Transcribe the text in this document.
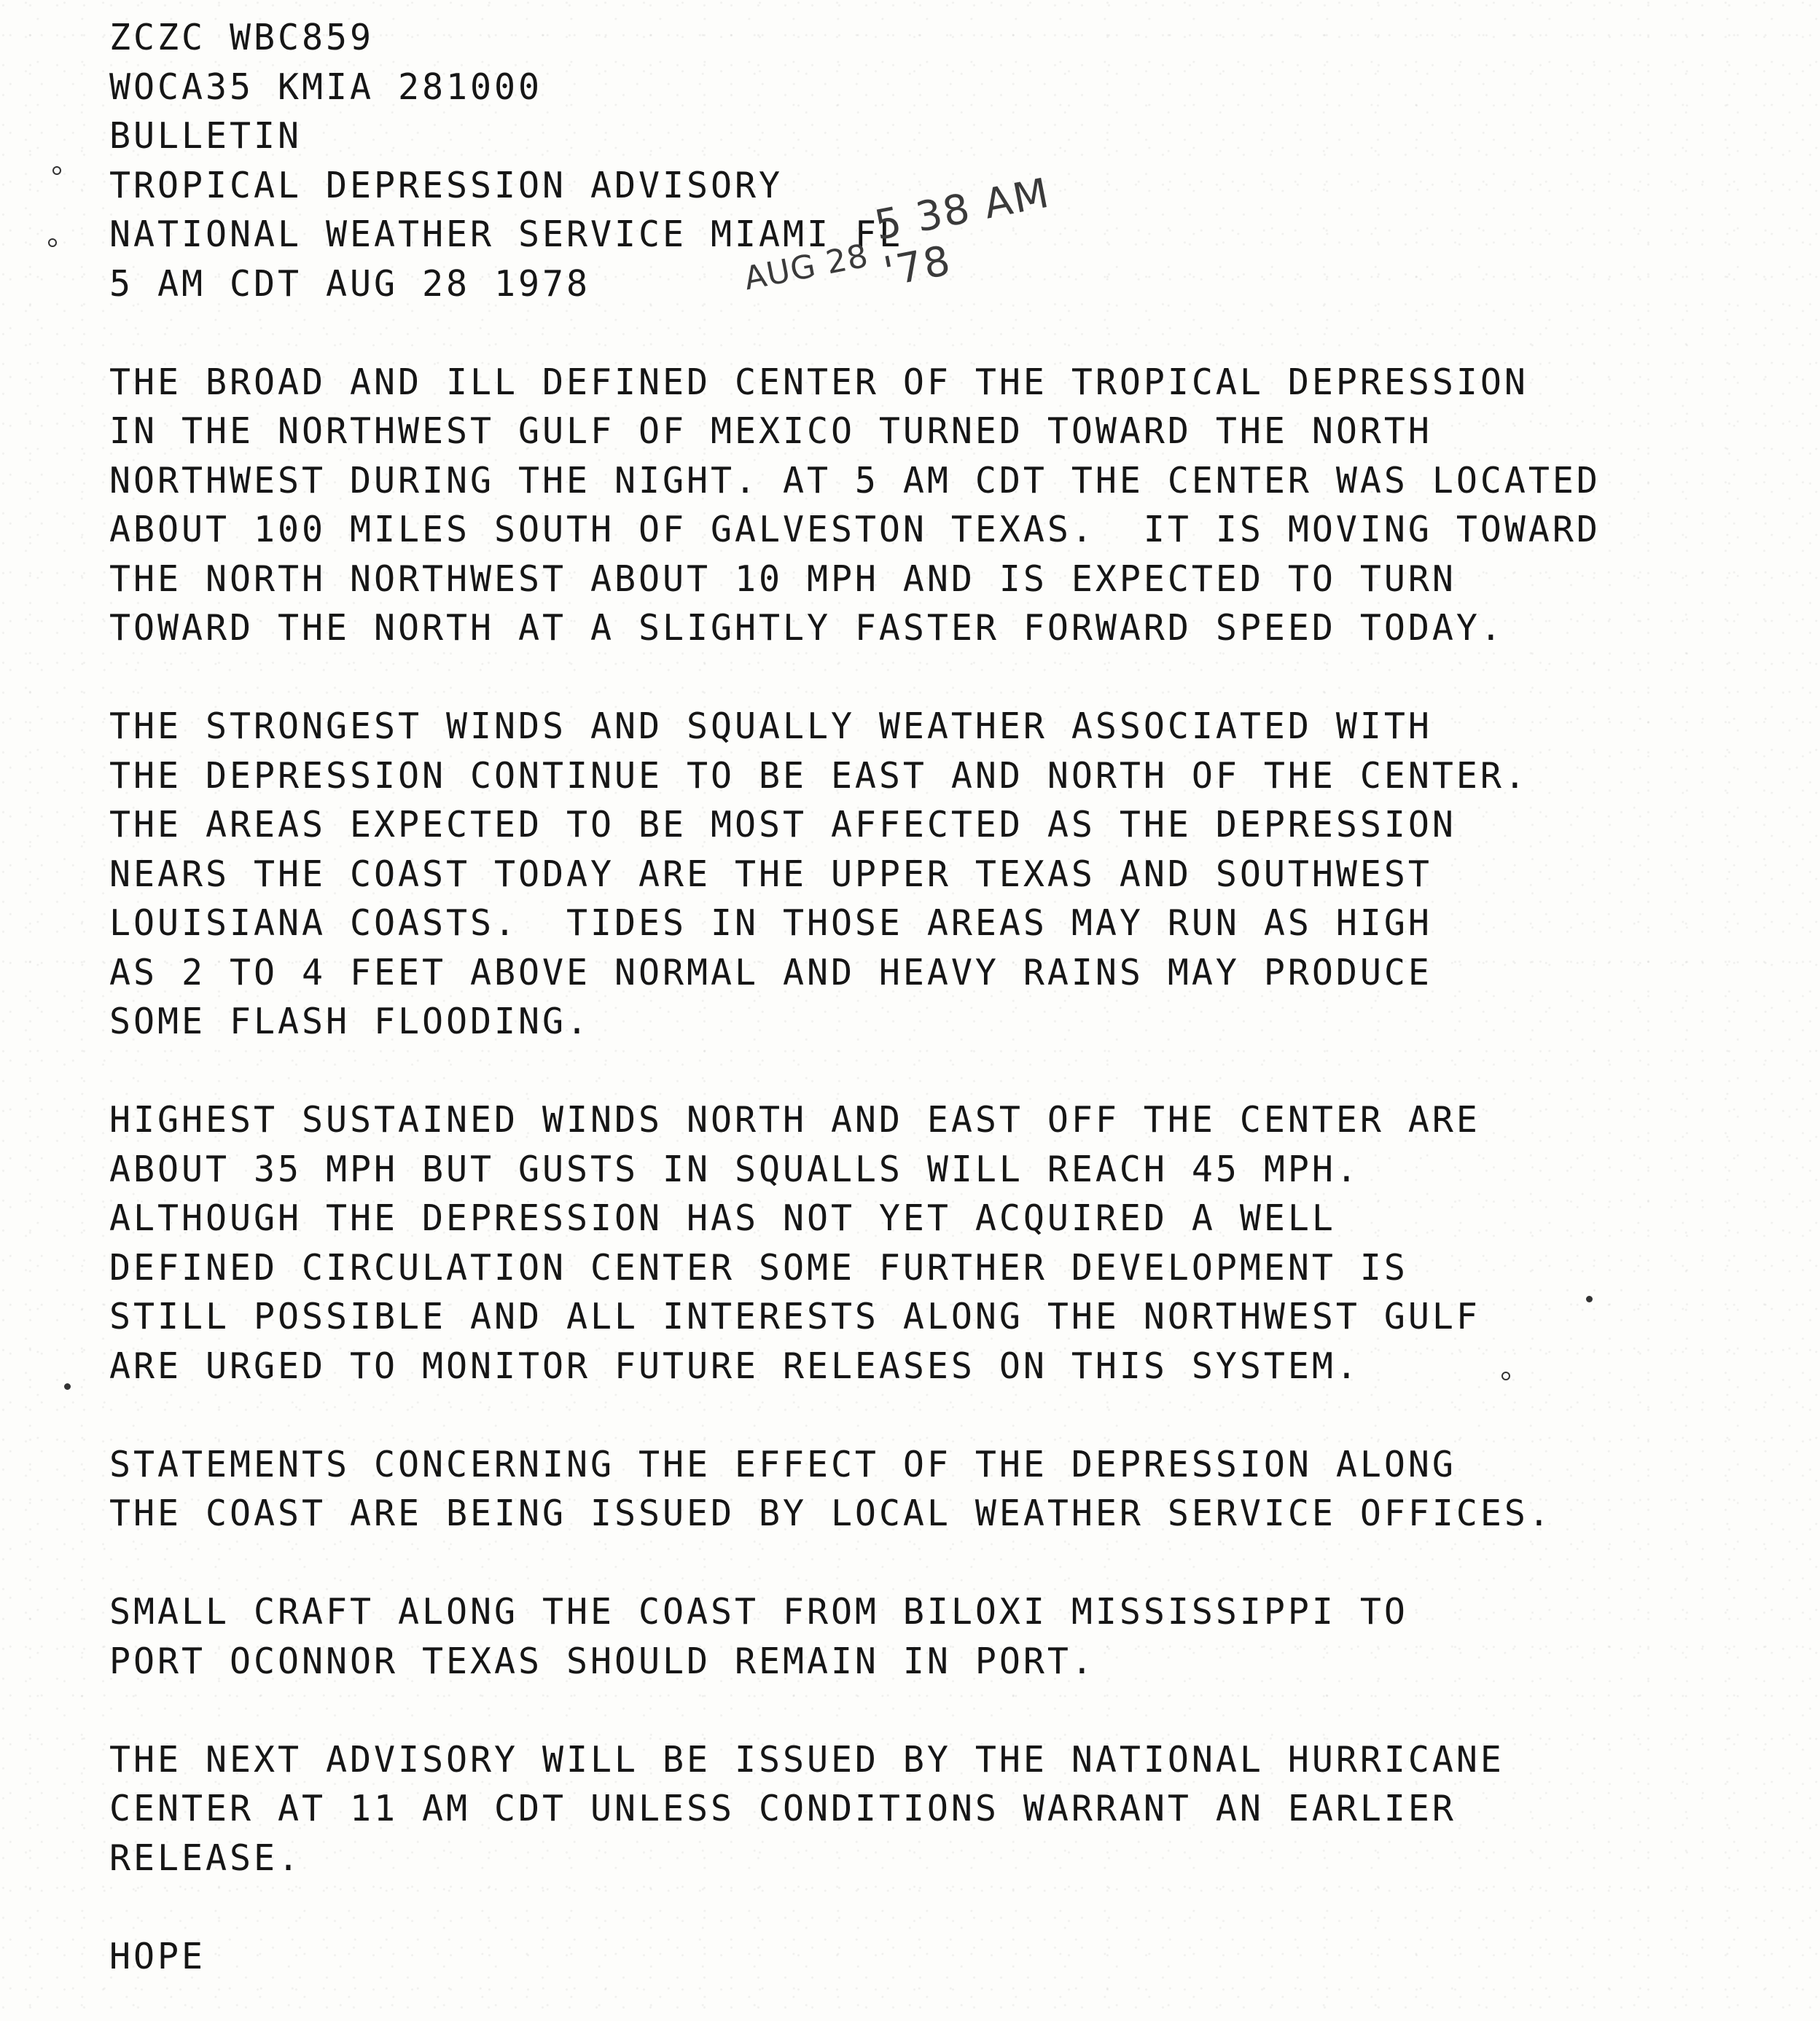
ZCZC WBC859
WOCA35 KMIA 281000
BULLETIN
TROPICAL DEPRESSION ADVISORY
NATIONAL WEATHER SERVICE MIAMI FL
5 AM CDT AUG 28 1978
THE BROAD AND ILL DEFINED CENTER OF THE TROPICAL DEPRESSION
IN THE NORTHWEST GULF OF MEXICO TURNED TOWARD THE NORTH
NORTHWEST DURING THE NIGHT. AT 5 AM CDT THE CENTER WAS LOCATED
ABOUT 100 MILES SOUTH OF GALVESTON TEXAS.  IT IS MOVING TOWARD
THE NORTH NORTHWEST ABOUT 10 MPH AND IS EXPECTED TO TURN
TOWARD THE NORTH AT A SLIGHTLY FASTER FORWARD SPEED TODAY.
THE STRONGEST WINDS AND SQUALLY WEATHER ASSOCIATED WITH
THE DEPRESSION CONTINUE TO BE EAST AND NORTH OF THE CENTER.
THE AREAS EXPECTED TO BE MOST AFFECTED AS THE DEPRESSION
NEARS THE COAST TODAY ARE THE UPPER TEXAS AND SOUTHWEST
LOUISIANA COASTS.  TIDES IN THOSE AREAS MAY RUN AS HIGH
AS 2 TO 4 FEET ABOVE NORMAL AND HEAVY RAINS MAY PRODUCE
SOME FLASH FLOODING.
HIGHEST SUSTAINED WINDS NORTH AND EAST OFF THE CENTER ARE
ABOUT 35 MPH BUT GUSTS IN SQUALLS WILL REACH 45 MPH.
ALTHOUGH THE DEPRESSION HAS NOT YET ACQUIRED A WELL
DEFINED CIRCULATION CENTER SOME FURTHER DEVELOPMENT IS
STILL POSSIBLE AND ALL INTERESTS ALONG THE NORTHWEST GULF
ARE URGED TO MONITOR FUTURE RELEASES ON THIS SYSTEM.
STATEMENTS CONCERNING THE EFFECT OF THE DEPRESSION ALONG
THE COAST ARE BEING ISSUED BY LOCAL WEATHER SERVICE OFFICES.
SMALL CRAFT ALONG THE COAST FROM BILOXI MISSISSIPPI TO
PORT OCONNOR TEXAS SHOULD REMAIN IN PORT.
THE NEXT ADVISORY WILL BE ISSUED BY THE NATIONAL HURRICANE
CENTER AT 11 AM CDT UNLESS CONDITIONS WARRANT AN EARLIER
RELEASE.
HOPE
AUG 28
5 38 AM '78
